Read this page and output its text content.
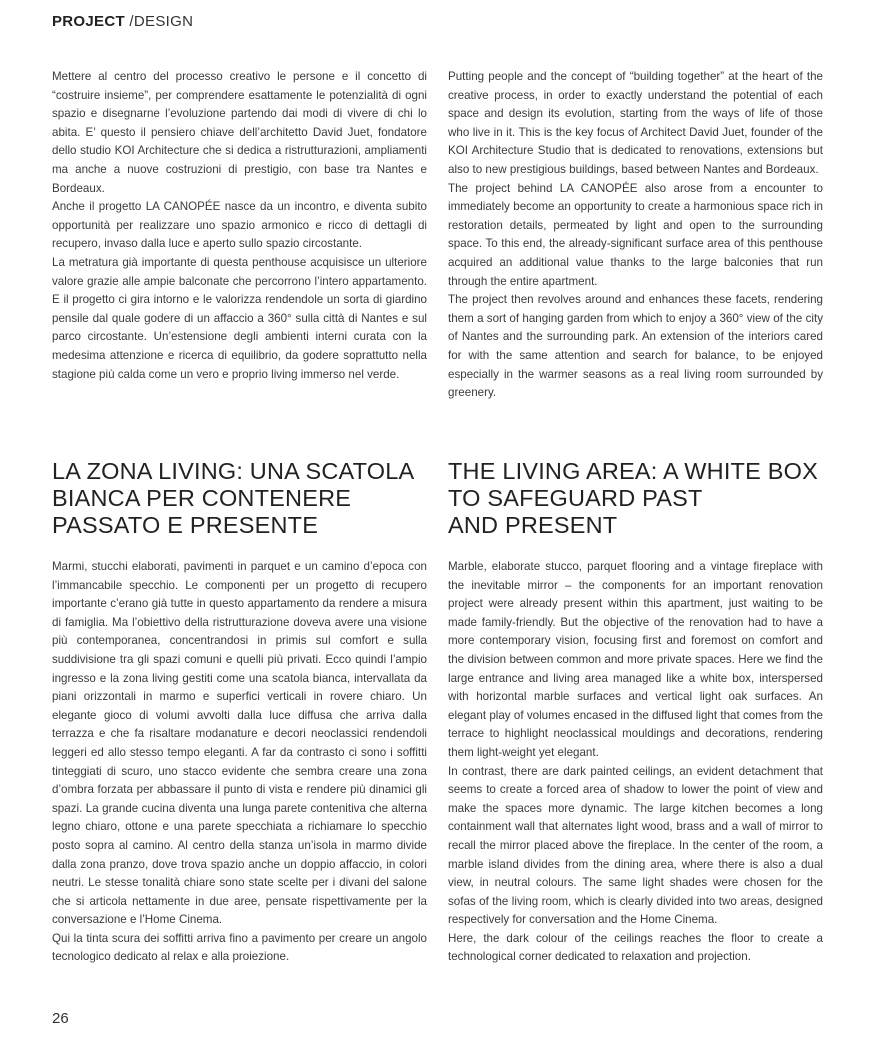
PROJECT /DESIGN

Mettere al centro del processo creativo le persone e il concetto di “costruire insieme”, per comprendere esattamente le potenzialità di ogni spazio e disegnarne l’evoluzione partendo dai modi di vivere di chi lo abita. E’ questo il pensiero chiave dell’architetto David Juet, fondatore dello studio KOI Architecture che si dedica a ristrutturazioni, ampliamenti ma anche a nuove costruzioni di prestigio, con base tra Nantes e Bordeaux.

Anche il progetto LA CANOPÉE nasce da un incontro, e diventa subito opportunità per realizzare uno spazio armonico e ricco di dettagli di recupero, invaso dalla luce e aperto sullo spazio circostante.

La metratura già importante di questa penthouse acquisisce un ulteriore valore grazie alle ampie balconate che percorrono l’intero appartamento. E il progetto ci gira intorno e le valorizza rendendole un sorta di giardino pensile dal quale godere di un affaccio a 360° sulla città di Nantes e sul parco circostante. Un’estensione degli ambienti interni curata con la medesima attenzione e ricerca di equilibrio, da godere soprattutto nella stagione più calda come un vero e proprio living immerso nel verde.

Putting people and the concept of “building together” at the heart of the creative process, in order to exactly understand the potential of each space and design its evolution, starting from the ways of life of those who live in it. This is the key focus of Architect David Juet, founder of the KOI Architecture Studio that is dedicated to renovations, extensions but also to new prestigious buildings, based between Nantes and Bordeaux.

The project behind LA CANOPÉE also arose from a encounter to immediately become an opportunity to create a harmonious space rich in restoration details, permeated by light and open to the surrounding space. To this end, the already-significant surface area of this penthouse acquired an additional value thanks to the large balconies that run through the entire apartment.

The project then revolves around and enhances these facets, rendering them a sort of hanging garden from which to enjoy a 360° view of the city of Nantes and the surrounding park. An extension of the interiors cared for with the same attention and search for balance, to be enjoyed especially in the warmer seasons as a real living room surrounded by greenery.

LA ZONA LIVING: UNA SCATOLA
BIANCA PER CONTENERE
PASSATO E PRESENTE
THE LIVING AREA: A WHITE BOX
TO SAFEGUARD PAST
AND PRESENT

Marmi, stucchi elaborati, pavimenti in parquet e un camino d’epoca con l’immancabile specchio. Le componenti per un progetto di recupero importante c’erano già tutte in questo appartamento da rendere a misura di famiglia. Ma l’obiettivo della ristrutturazione doveva avere una visione più contemporanea, concentrandosi in primis sul comfort e sulla suddivisione tra gli spazi comuni e quelli più privati. Ecco quindi l’ampio ingresso e la zona living gestiti come una scatola bianca, intervallata da piani orizzontali in marmo e superfici verticali in rovere chiaro. Un elegante gioco di volumi avvolti dalla luce diffusa che arriva dalla terrazza e che fa risaltare modanature e decori neoclassici rendendoli leggeri ed allo stesso tempo eleganti. A far da contrasto ci sono i soffitti tinteggiati di scuro, uno stacco evidente che sembra creare una zona d’ombra forzata per abbassare il punto di vista e rendere più dinamici gli spazi. La grande cucina diventa una lunga parete contenitiva che alterna legno chiaro, ottone e una parete specchiata a richiamare lo specchio posto sopra al camino. Al centro della stanza un’isola in marmo divide dalla zona pranzo, dove trova spazio anche un doppio affaccio, in colori neutri. Le stesse tonalità chiare sono state scelte per i divani del salone che si articola nettamente in due aree, pensate rispettivamente per la conversazione e l’Home Cinema.

Qui la tinta scura dei soffitti arriva fino a pavimento per creare un angolo tecnologico dedicato al relax e alla proiezione.

Marble, elaborate stucco, parquet flooring and a vintage fireplace with the inevitable mirror – the components for an important renovation project were already present within this apartment, just waiting to be made family-friendly. But the objective of the renovation had to have a more contemporary vision, focusing first and foremost on comfort and the division between common and more private spaces. Here we find the large entrance and living area managed like a white box, interspersed with horizontal marble surfaces and vertical light oak surfaces. An elegant play of volumes encased in the diffused light that comes from the terrace to highlight neoclassical mouldings and decorations, rendering them light-weight yet elegant.

In contrast, there are dark painted ceilings, an evident detachment that seems to create a forced area of shadow to lower the point of view and make the spaces more dynamic. The large kitchen becomes a long containment wall that alternates light wood, brass and a wall of mirror to recall the mirror placed above the fireplace. In the center of the room, a marble island divides from the dining area, where there is also a dual view, in neutral colours. The same light shades were chosen for the sofas of the living room, which is clearly divided into two areas, designed respectively for conversation and the Home Cinema.

Here, the dark colour of the ceilings reaches the floor to create a technological corner dedicated to relaxation and projection.

26
